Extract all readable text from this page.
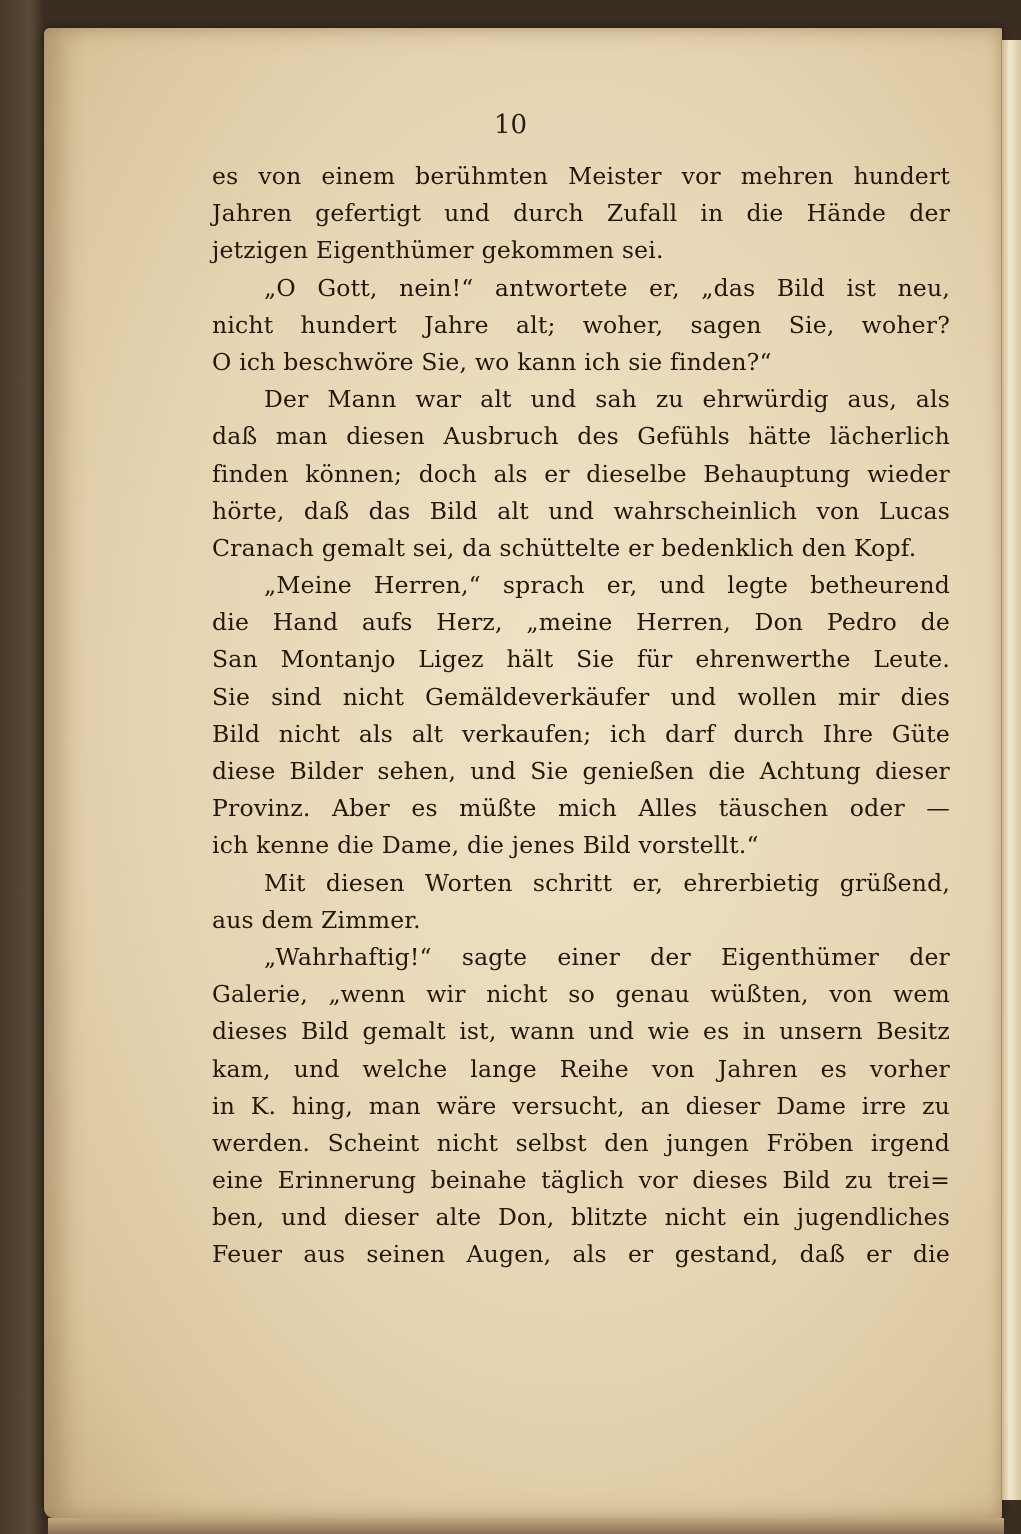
10
es von einem berühmten Meister vor mehren hundert
Jahren gefertigt und durch Zufall in die Hände der
jetzigen Eigenthümer gekommen sei.
„O Gott, nein!“ antwortete er, „das Bild ist neu,
nicht hundert Jahre alt; woher, sagen Sie, woher?
O ich beschwöre Sie, wo kann ich sie finden?“
Der Mann war alt und sah zu ehrwürdig aus, als
daß man diesen Ausbruch des Gefühls hätte lächerlich
finden können; doch als er dieselbe Behauptung wieder
hörte, daß das Bild alt und wahrscheinlich von Lucas
Cranach gemalt sei, da schüttelte er bedenklich den Kopf.
„Meine Herren,“ sprach er, und legte betheurend
die Hand aufs Herz, „meine Herren, Don Pedro de
San Montanjo Ligez hält Sie für ehrenwerthe Leute.
Sie sind nicht Gemäldeverkäufer und wollen mir dies
Bild nicht als alt verkaufen; ich darf durch Ihre Güte
diese Bilder sehen, und Sie genießen die Achtung dieser
Provinz. Aber es müßte mich Alles täuschen oder —
ich kenne die Dame, die jenes Bild vorstellt.“
Mit diesen Worten schritt er, ehrerbietig grüßend,
aus dem Zimmer.
„Wahrhaftig!“ sagte einer der Eigenthümer der
Galerie, „wenn wir nicht so genau wüßten, von wem
dieses Bild gemalt ist, wann und wie es in unsern Besitz
kam, und welche lange Reihe von Jahren es vorher
in K. hing, man wäre versucht, an dieser Dame irre zu
werden. Scheint nicht selbst den jungen Fröben irgend
eine Erinnerung beinahe täglich vor dieses Bild zu trei=
ben, und dieser alte Don, blitzte nicht ein jugendliches
Feuer aus seinen Augen, als er gestand, daß er die
